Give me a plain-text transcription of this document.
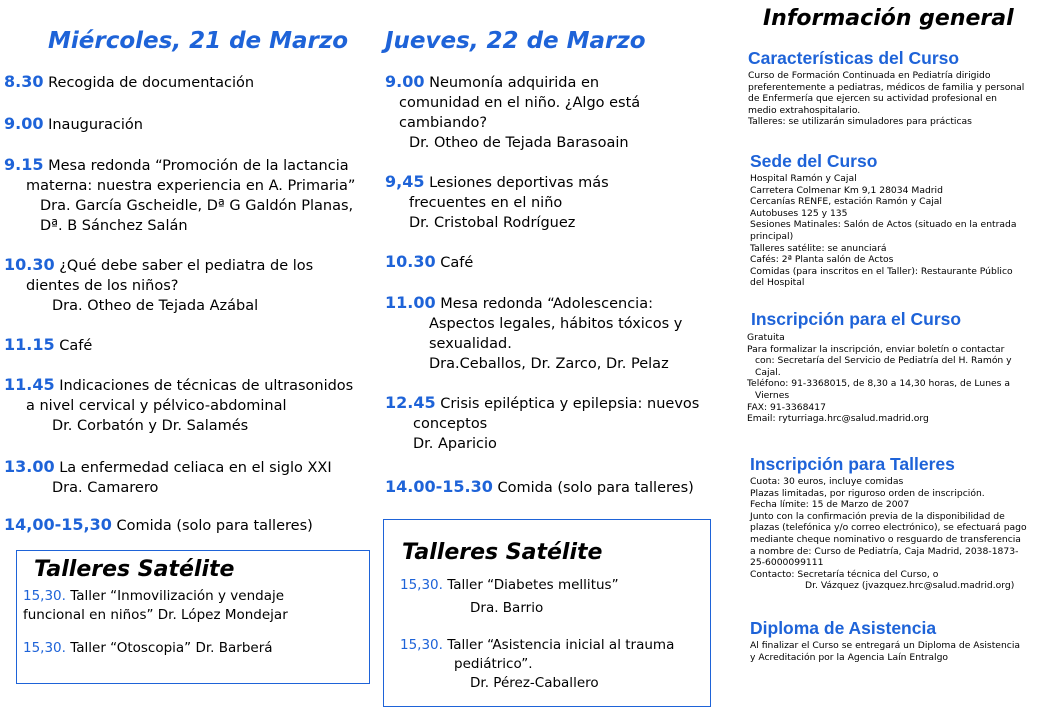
Miércoles, 21 de Marzo
8.30 Recogida de documentación
9.00 Inauguración
9.15 Mesa redonda “Promoción de la lactancia
materna: nuestra experiencia en A. Primaria”
Dra. García Gscheidle, Dª G Galdón Planas,
Dª. B Sánchez Salán
10.30 ¿Qué debe saber el pediatra de los
dientes de los niños?
Dra. Otheo de Tejada Azábal
11.15 Café
11.45 Indicaciones de técnicas de ultrasonidos
a nivel cervical y pélvico-abdominal
Dr. Corbatón y Dr. Salamés
13.00 La enfermedad celiaca en el siglo XXI
Dra. Camarero
14,00-15,30 Comida (solo para talleres)
Talleres Satélite
15,30. Taller “Inmovilización y vendaje
funcional en niños” Dr. López Mondejar
15,30. Taller “Otoscopia” Dr. Barberá
Jueves, 22 de Marzo
9.00 Neumonía adquirida en
comunidad en el niño. ¿Algo está
cambiando?
Dr. Otheo de Tejada Barasoain
9,45 Lesiones deportivas más
frecuentes en el niño
Dr. Cristobal Rodríguez
10.30 Café
11.00 Mesa redonda “Adolescencia:
Aspectos legales, hábitos tóxicos y
sexualidad.
Dra.Ceballos, Dr. Zarco, Dr. Pelaz
12.45 Crisis epiléptica y epilepsia: nuevos
conceptos
Dr. Aparicio
14.00-15.30 Comida (solo para talleres)
Talleres Satélite
15,30. Taller “Diabetes mellitus”
Dra. Barrio
15,30. Taller “Asistencia inicial al trauma
pediátrico”.
Dr. Pérez-Caballero
Información general
Características del Curso
Curso de Formación Continuada en Pediatría dirigido
preferentemente a pediatras, médicos de familia y personal
de Enfermería que ejercen su actividad profesional en
medio extrahospitalario.
Talleres: se utilizarán simuladores para prácticas
Sede del Curso
Hospital Ramón y Cajal
Carretera Colmenar Km 9,1 28034 Madrid
Cercanías RENFE, estación Ramón y Cajal
Autobuses 125 y 135
Sesiones Matinales: Salón de Actos (situado en la entrada
principal)
Talleres satélite: se anunciará
Cafés: 2ª Planta salón de Actos
Comidas (para inscritos en el Taller): Restaurante Público
del Hospital
Inscripción para el Curso
Gratuita
Para formalizar la inscripción, enviar boletín o contactar
con: Secretaría del Servicio de Pediatría del H. Ramón y
Cajal.
Teléfono: 91-3368015, de 8,30 a 14,30 horas, de Lunes a
Viernes
FAX: 91-3368417
Email: ryturriaga.hrc@salud.madrid.org
Inscripción para Talleres
Cuota: 30 euros, incluye comidas
Plazas limitadas, por riguroso orden de inscripción.
Fecha límite: 15 de Marzo de 2007
Junto con la confirmación previa de la disponibilidad de
plazas (telefónica y/o correo electrónico), se efectuará pago
mediante cheque nominativo o resguardo de transferencia
a nombre de: Curso de Pediatría, Caja Madrid, 2038-1873-
25-6000099111
Contacto: Secretaría técnica del Curso, o
Dr. Vázquez (jvazquez.hrc@salud.madrid.org)
Diploma de Asistencia
Al finalizar el Curso se entregará un Diploma de Asistencia
y Acreditación por la Agencia Laín Entralgo
